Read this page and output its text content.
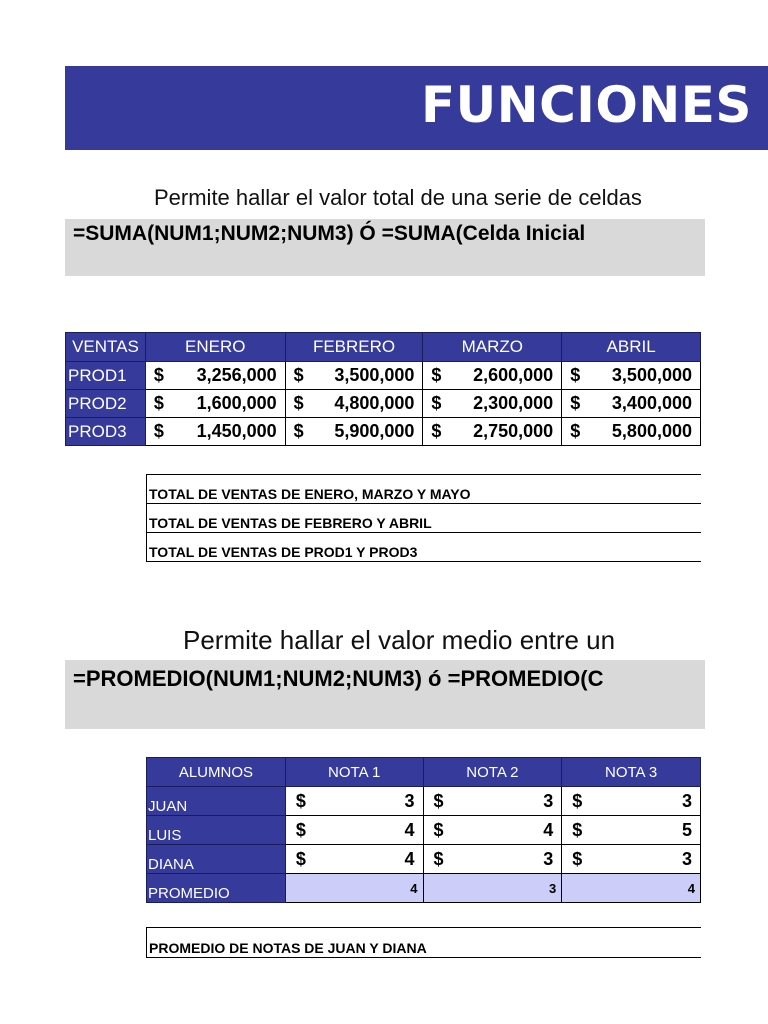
FUNCIONES
Permite hallar el valor total de una serie de celdas
=SUMA(NUM1;NUM2;NUM3) Ó =SUMA(Celda Inicial
VENTAS	ENERO	FEBRERO	MARZO	ABRIL
PROD1	$ 3,256,000	$ 3,500,000	$ 2,600,000	$ 3,500,000

PROD2	$ 1,600,000	$ 4,800,000	$ 2,300,000	$ 3,400,000

PROD3	$ 1,450,000	$ 5,900,000	$ 2,750,000	$ 5,800,000
TOTAL DE VENTAS DE ENERO, MARZO Y MAYO
TOTAL DE VENTAS DE FEBRERO Y ABRIL
TOTAL DE VENTAS DE PROD1 Y PROD3
Permite hallar el valor medio entre un
=PROMEDIO(NUM1;NUM2;NUM3) ó =PROMEDIO(C
ALUMNOS	NOTA 1	NOTA 2	NOTA 3
JUAN	$ 3	$ 3	$ 3

LUIS	$ 4	$ 4	$ 5

DIANA	$ 4	$ 3	$ 3

PROMEDIO	4	3	4
PROMEDIO DE NOTAS DE JUAN Y DIANA
